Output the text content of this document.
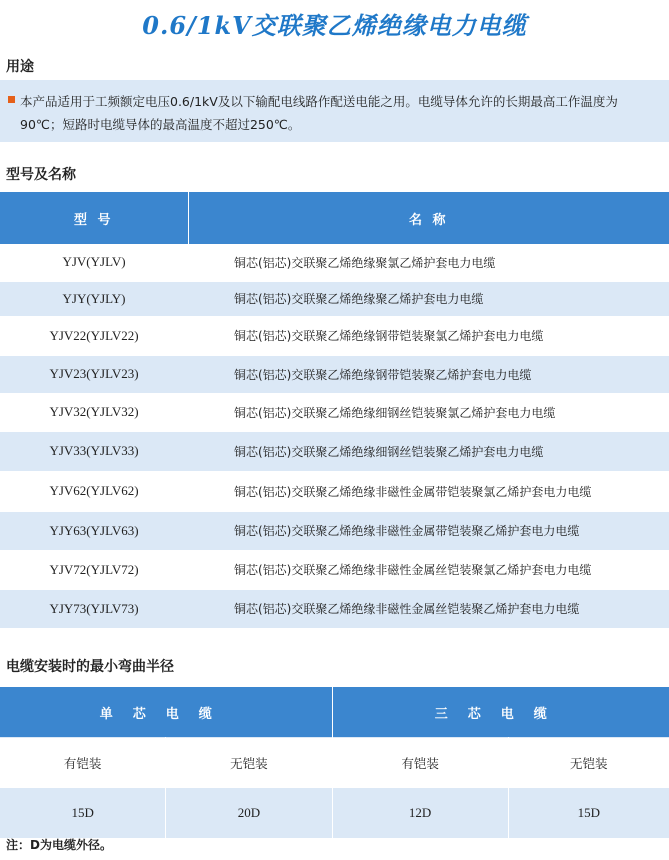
0.6/1kV交联聚乙烯绝缘电力电缆
用途
本产品适用于工频额定电压0.6/1kV及以下输配电线路作配送电能之用。电缆导体允许的长期最高工作温度为90℃；短路时电缆导体的最高温度不超过250℃。
型号及名称
型 号	名 称
YJV(YJLV)	铜芯(铝芯)交联聚乙烯绝缘聚氯乙烯护套电力电缆
YJY(YJLY)	铜芯(铝芯)交联聚乙烯绝缘聚乙烯护套电力电缆
YJV22(YJLV22)	铜芯(铝芯)交联聚乙烯绝缘钢带铠装聚氯乙烯护套电力电缆
YJV23(YJLV23)	铜芯(铝芯)交联聚乙烯绝缘钢带铠装聚乙烯护套电力电缆
YJV32(YJLV32)	铜芯(铝芯)交联聚乙烯绝缘细钢丝铠装聚氯乙烯护套电力电缆
YJV33(YJLV33)	铜芯(铝芯)交联聚乙烯绝缘细钢丝铠装聚乙烯护套电力电缆
YJV62(YJLV62)	铜芯(铝芯)交联聚乙烯绝缘非磁性金属带铠装聚氯乙烯护套电力电缆
YJY63(YJLV63)	铜芯(铝芯)交联聚乙烯绝缘非磁性金属带铠装聚乙烯护套电力电缆
YJV72(YJLV72)	铜芯(铝芯)交联聚乙烯绝缘非磁性金属丝铠装聚氯乙烯护套电力电缆
YJY73(YJLV73)	铜芯(铝芯)交联聚乙烯绝缘非磁性金属丝铠装聚乙烯护套电力电缆
电缆安装时的最小弯曲半径
单芯电缆		三芯电缆	
有铠装	无铠装	有铠装	无铠装
15D	20D	12D	15D
注：D为电缆外径。
